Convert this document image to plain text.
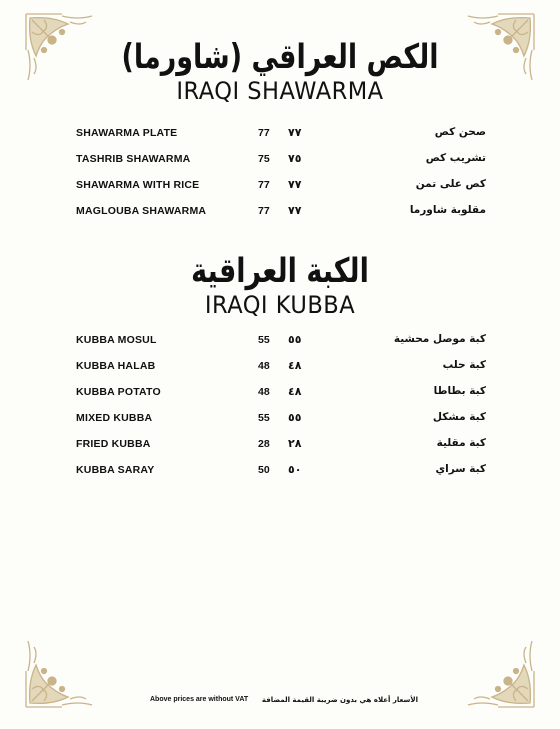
الكص العراقي (شاورما)
IRAQI SHAWARMA
SHAWARMA PLATE	77 ٧٧	صحن كص
TASHRIB SHAWARMA	75 ٧٥	تشريب كص
SHAWARMA WITH RICE	77 ٧٧	كص على تمن
MAGLOUBA SHAWARMA	77 ٧٧	مقلوبة شاورما
الكبة العراقية
IRAQI KUBBA
KUBBA MOSUL	55 ٥٥	كبة موصل محشية
KUBBA HALAB	48 ٤٨	كبة حلب
KUBBA POTATO	48 ٤٨	كبة بطاطا
MIXED KUBBA	55 ٥٥	كبة مشكل
FRIED KUBBA	28 ٢٨	كبة مقلية
KUBBA SARAY	50 ٥٠	كبة سراي
Above prices are without VAT الأسعار أعلاه هي بدون ضريبة القيمة المضافة
